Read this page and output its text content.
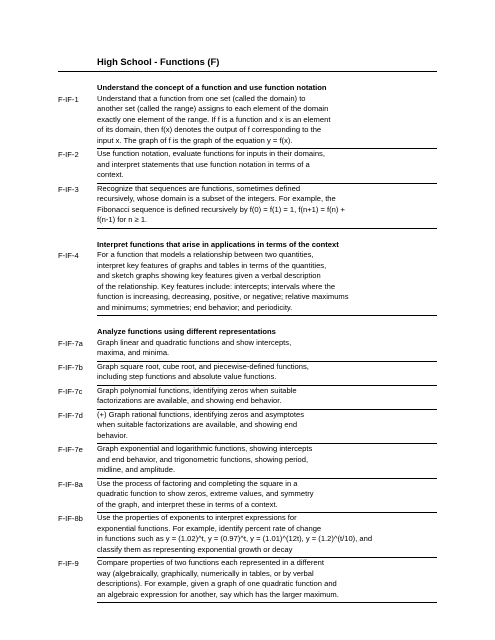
High School - Functions (F)
Understand the concept of a function and use function notation
F-IF-1	Understand that a function from one set (called the domain) to
another set (called the range) assigns to each element of the domain
exactly one element of the range. If f is a function and x is an element
of its domain, then f(x) denotes the output of f corresponding to the
input x. The graph of f is the graph of the equation y = f(x).
F-IF-2	Use function notation, evaluate functions for inputs in their domains,
and interpret statements that use function notation in terms of a
context.
F-IF-3	Recognize that sequences are functions, sometimes defined
recursively, whose domain is a subset of the integers. For example, the
Fibonacci sequence is defined recursively by f(0) = f(1) = 1, f(n+1) = f(n) +
f(n-1) for n ≥ 1.
Interpret functions that arise in applications in terms of the context
F-IF-4	For a function that models a relationship between two quantities,
interpret key features of graphs and tables in terms of the quantities,
and sketch graphs showing key features given a verbal description
of the relationship. Key features include: intercepts; intervals where the
function is increasing, decreasing, positive, or negative; relative maximums
and minimums; symmetries; end behavior; and periodicity.
Analyze functions using different representations
F-IF-7a	Graph linear and quadratic functions and show intercepts,
maxima, and minima.
F-IF-7b	Graph square root, cube root, and piecewise-defined functions,
including step functions and absolute value functions.
F-IF-7c	Graph polynomial functions, identifying zeros when suitable
factorizations are available, and showing end behavior.
F-IF-7d	(+) Graph rational functions, identifying zeros and asymptotes
when suitable factorizations are available, and showing end
behavior.
F-IF-7e	Graph exponential and logarithmic functions, showing intercepts
and end behavior, and trigonometric functions, showing period,
midline, and amplitude.
F-IF-8a	Use the process of factoring and completing the square in a
quadratic function to show zeros, extreme values, and symmetry
of the graph, and interpret these in terms of a context.
F-IF-8b	Use the properties of exponents to interpret expressions for
exponential functions. For example, identify percent rate of change
in functions such as y = (1.02)^t, y = (0.97)^t, y = (1.01)^(12t), y = (1.2)^(t/10), and
classify them as representing exponential growth or decay
F-IF-9	Compare properties of two functions each represented in a different
way (algebraically, graphically, numerically in tables, or by verbal
descriptions). For example, given a graph of one quadratic function and
an algebraic expression for another, say which has the larger maximum.
